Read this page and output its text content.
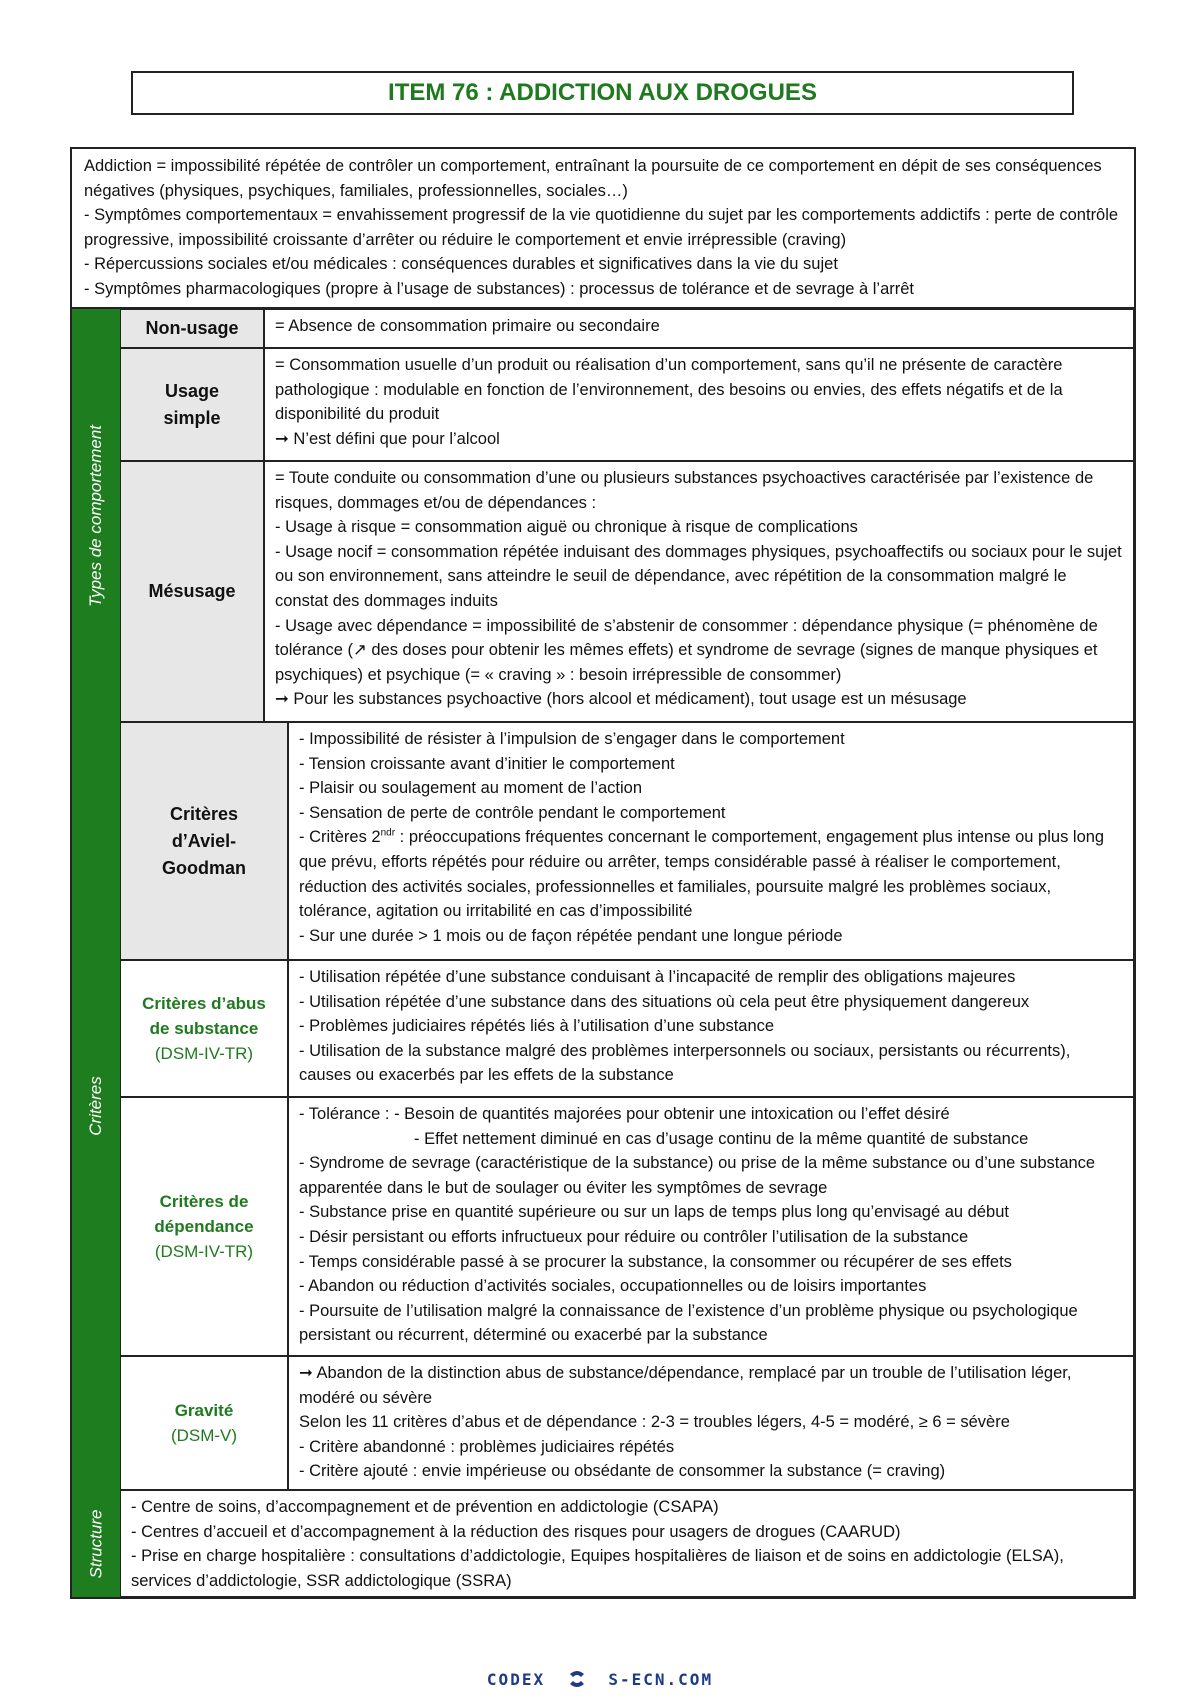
ITEM 76 : ADDICTION AUX DROGUES
Addiction = impossibilité répétée de contrôler un comportement, entraînant la poursuite de ce comportement en dépit de ses conséquences négatives (physiques, psychiques, familiales, professionnelles, sociales…)
- Symptômes comportementaux = envahissement progressif de la vie quotidienne du sujet par les comportements addictifs : perte de contrôle progressive, impossibilité croissante d’arrêter ou réduire le comportement et envie irrépressible (craving)
- Répercussions sociales et/ou médicales : conséquences durables et significatives dans la vie du sujet
- Symptômes pharmacologiques (propre à l’usage de substances) : processus de tolérance et de sevrage à l’arrêt
Types de comportement
Non-usage	= Absence de consommation primaire ou secondaire
Usage
simple
= Consommation usuelle d’un produit ou réalisation d’un comportement, sans qu’il ne présente de caractère pathologique : modulable en fonction de l’environnement, des besoins ou envies, des effets négatifs et de la disponibilité du produit
➞ N’est défini que pour l’alcool
Mésusage
= Toute conduite ou consommation d’une ou plusieurs substances psychoactives caractérisée par l’existence de risques, dommages et/ou de dépendances :
- Usage à risque = consommation aiguë ou chronique à risque de complications
- Usage nocif = consommation répétée induisant des dommages physiques, psychoaffectifs ou sociaux pour le sujet ou son environnement, sans atteindre le seuil de dépendance, avec répétition de la consommation malgré le constat des dommages induits
- Usage avec dépendance = impossibilité de s’abstenir de consommer : dépendance physique (= phénomène de tolérance (↗ des doses pour obtenir les mêmes effets) et syndrome de sevrage (signes de manque physiques et psychiques) et psychique (= « craving » : besoin irrépressible de consommer)
➞ Pour les substances psychoactive (hors alcool et médicament), tout usage est un mésusage
Critères
Critères
d’Aviel-
Goodman
- Impossibilité de résister à l’impulsion de s’engager dans le comportement
- Tension croissante avant d’initier le comportement
- Plaisir ou soulagement au moment de l’action
- Sensation de perte de contrôle pendant le comportement
- Critères $2^{ndr}$ : préoccupations fréquentes concernant le comportement, engagement plus intense ou plus long que prévu, efforts répétés pour réduire ou arrêter, temps considérable passé à réaliser le comportement, réduction des activités sociales, professionnelles et familiales, poursuite malgré les problèmes sociaux, tolérance, agitation ou irritabilité en cas d’impossibilité
- Sur une durée > 1 mois ou de façon répétée pendant une longue période
Critères d’abus
de substance
(DSM-IV-TR)
- Utilisation répétée d’une substance conduisant à l’incapacité de remplir des obligations majeures
- Utilisation répétée d’une substance dans des situations où cela peut être physiquement dangereux
- Problèmes judiciaires répétés liés à l’utilisation d’une substance
- Utilisation de la substance malgré des problèmes interpersonnels ou sociaux, persistants ou récurrents), causes ou exacerbés par les effets de la substance
Critères de
dépendance
(DSM-IV-TR)
- Tolérance : - Besoin de quantités majorées pour obtenir une intoxication ou l’effet désiré
- Effet nettement diminué en cas d’usage continu de la même quantité de substance
- Syndrome de sevrage (caractéristique de la substance) ou prise de la même substance ou d’une substance apparentée dans le but de soulager ou éviter les symptômes de sevrage
- Substance prise en quantité supérieure ou sur un laps de temps plus long qu’envisagé au début
- Désir persistant ou efforts infructueux pour réduire ou contrôler l’utilisation de la substance
- Temps considérable passé à se procurer la substance, la consommer ou récupérer de ses effets
- Abandon ou réduction d’activités sociales, occupationnelles ou de loisirs importantes
- Poursuite de l’utilisation malgré la connaissance de l’existence d’un problème physique ou psychologique persistant ou récurrent, déterminé ou exacerbé par la substance
Gravité
(DSM-V)
➞ Abandon de la distinction abus de substance/dépendance, remplacé par un trouble de l’utilisation léger, modéré ou sévère
Selon les 11 critères d’abus et de dépendance : 2-3 = troubles légers, 4-5 = modéré, ≥ 6 = sévère
- Critère abandonné : problèmes judiciaires répétés
- Critère ajouté : envie impérieuse ou obsédante de consommer la substance (= craving)
Structure
- Centre de soins, d’accompagnement et de prévention en addictologie (CSAPA)
- Centres d’accueil et d’accompagnement à la réduction des risques pour usagers de drogues (CAARUD)
- Prise en charge hospitalière : consultations d’addictologie, Equipes hospitalières de liaison et de soins en addictologie (ELSA), services d’addictologie, SSR addictologique (SSRA)
CODEX	S-ECN.COM
